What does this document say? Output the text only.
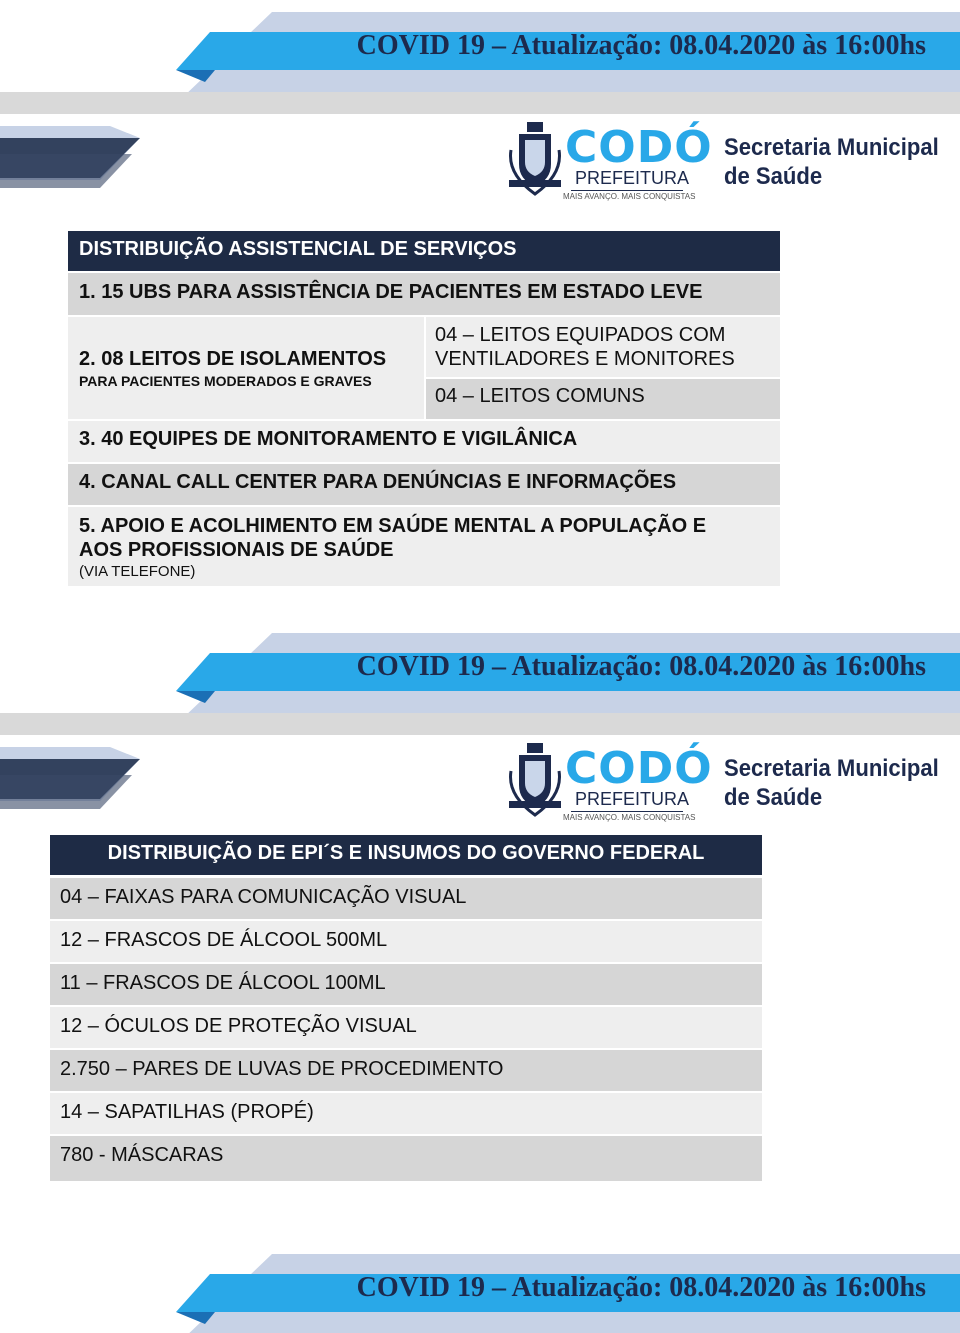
COVID 19 – Atualização: 08.04.2020 às 16:00hs
CODÓ
PREFEITURA
MAIS AVANÇO. MAIS CONQUISTAS
Secretaria Municipal
de Saúde
DISTRIBUIÇÃO ASSISTENCIAL DE SERVIÇOS
1. 15 UBS PARA ASSISTÊNCIA DE PACIENTES EM ESTADO LEVE
2. 08 LEITOS DE ISOLAMENTOS
PARA PACIENTES MODERADOS E GRAVES
04 – LEITOS EQUIPADOS COM
VENTILADORES E MONITORES
04 – LEITOS COMUNS
3. 40 EQUIPES DE MONITORAMENTO E VIGILÂNICA
4. CANAL CALL CENTER PARA DENÚNCIAS E INFORMAÇÕES
5. APOIO E ACOLHIMENTO EM SAÚDE MENTAL A POPULAÇÃO E
AOS PROFISSIONAIS DE SAÚDE
(VIA TELEFONE)
COVID 19 – Atualização: 08.04.2020 às 16:00hs
CODÓ
PREFEITURA
MAIS AVANÇO. MAIS CONQUISTAS
Secretaria Municipal
de Saúde
DISTRIBUIÇÃO DE EPI´S E INSUMOS DO GOVERNO FEDERAL
04 – FAIXAS PARA COMUNICAÇÃO VISUAL
12 – FRASCOS DE ÁLCOOL 500ML
11 – FRASCOS DE ÁLCOOL 100ML
12 – ÓCULOS DE PROTEÇÃO VISUAL
2.750 – PARES DE LUVAS DE PROCEDIMENTO
14 – SAPATILHAS (PROPÉ)
780 - MÁSCARAS
COVID 19 – Atualização: 08.04.2020 às 16:00hs
